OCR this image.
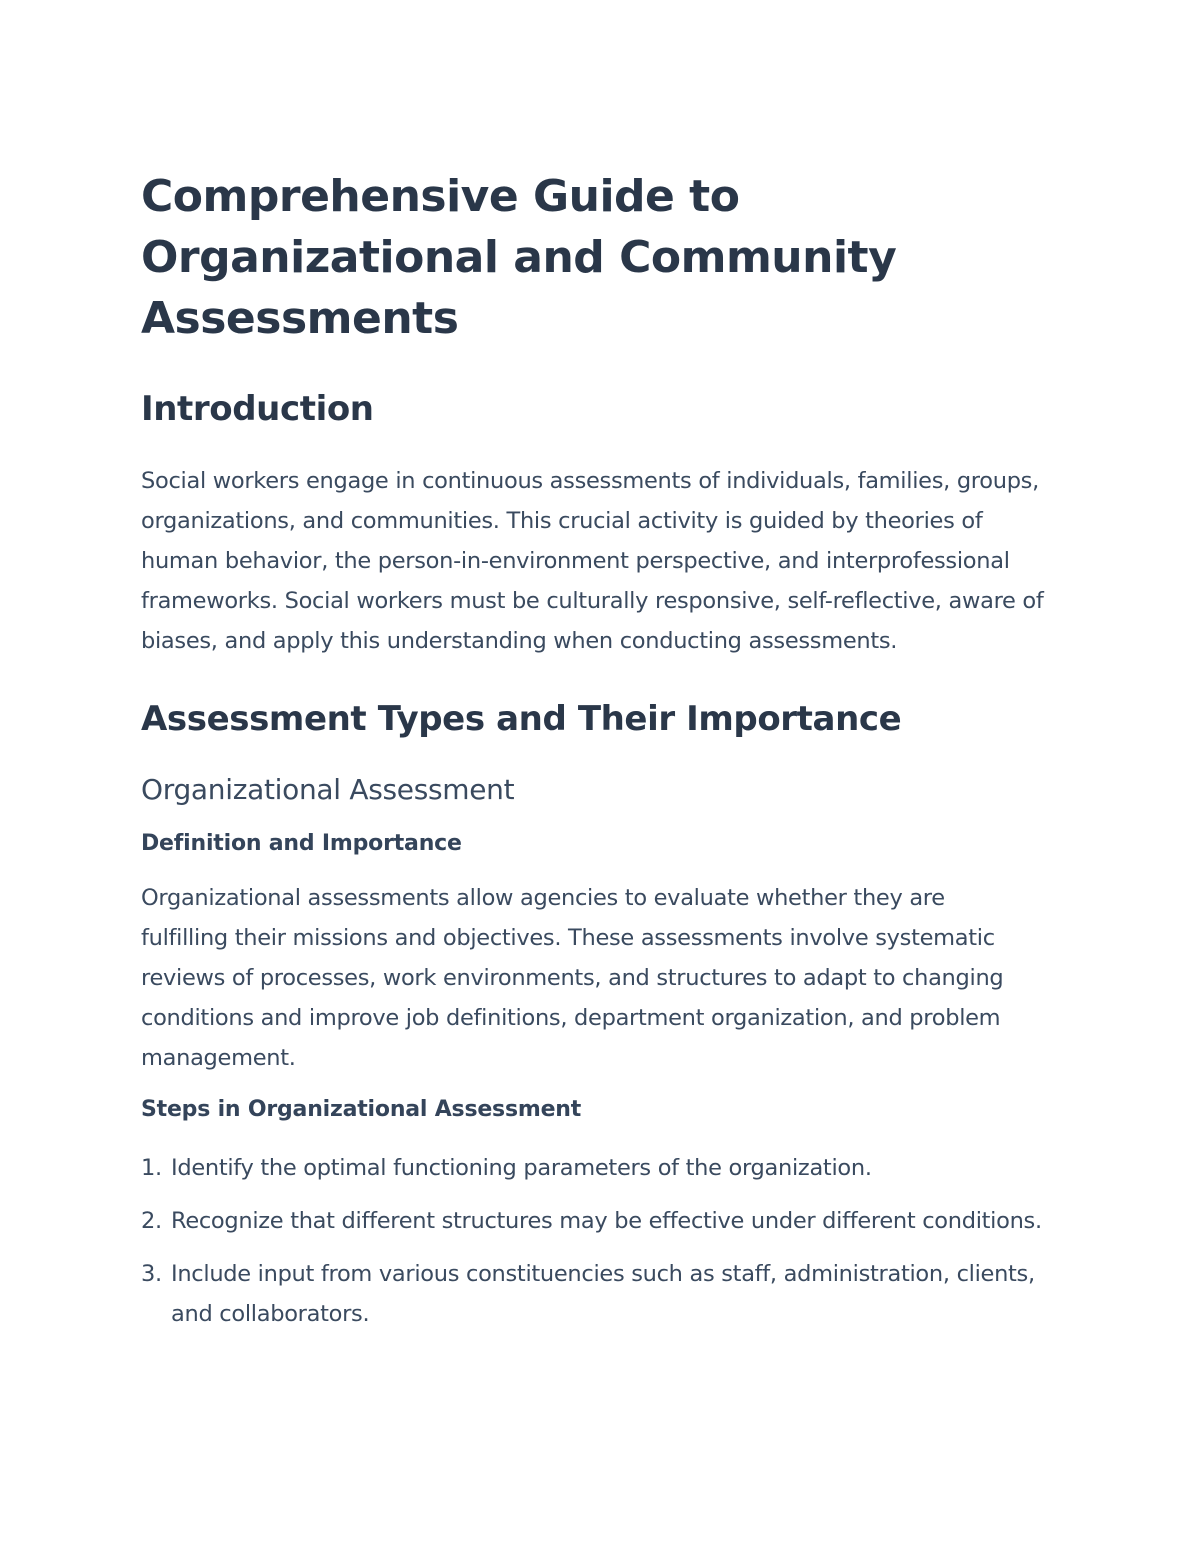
Comprehensive Guide to Organizational and Community Assessments
Introduction

Social workers engage in continuous assessments of individuals, families, groups, organizations, and communities. This crucial activity is guided by theories of human behavior, the person-in-environment perspective, and interprofessional frameworks. Social workers must be culturally responsive, self-reflective, aware of biases, and apply this understanding when conducting assessments.

Assessment Types and Their Importance
Organizational Assessment
Definition and Importance

Organizational assessments allow agencies to evaluate whether they are fulfilling their missions and objectives. These assessments involve systematic reviews of processes, work environments, and structures to adapt to changing conditions and improve job definitions, department organization, and problem management.

Steps in Organizational Assessment
1. Identify the optimal functioning parameters of the organization.
2. Recognize that different structures may be effective under different conditions.
3. Include input from various constituencies such as staff, administration, clients, and collaborators.
